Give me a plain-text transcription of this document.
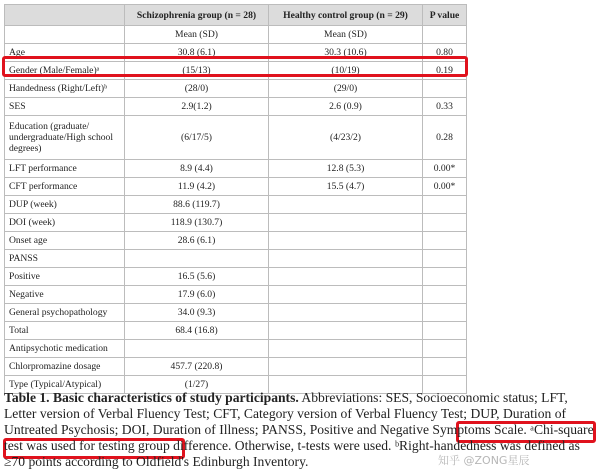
	Schizophrenia group (n = 28)	Healthy control group (n = 29)	P value
	Mean (SD)	Mean (SD)	
Age	30.8 (6.1)	30.3 (10.6)	0.80
Gender (Male/Female)ᵃ	(15/13)	(10/19)	0.19
Handedness (Right/Left)ᵇ	(28/0)	(29/0)	
SES	2.9(1.2)	2.6 (0.9)	0.33
Education (graduate/ undergraduate/High school degrees)	(6/17/5)	(4/23/2)	0.28
LFT performance	8.9 (4.4)	12.8 (5.3)	0.00*
CFT performance	11.9 (4.2)	15.5 (4.7)	0.00*
DUP (week)	88.6 (119.7)		
DOI (week)	118.9 (130.7)		
Onset age	28.6 (6.1)		
PANSS			
Positive	16.5 (5.6)		
Negative	17.9 (6.0)		
General psychopathology	34.0 (9.3)		
Total	68.4 (16.8)		
Antipsychotic medication			
Chlorpromazine dosage	457.7 (220.8)		
Type (Typical/Atypical)	(1/27)		
Table 1. Basic characteristics of study participants. Abbreviations: SES, Socioeconomic status; LFT, Letter version of Verbal Fluency Test; CFT, Category version of Verbal Fluency Test; DUP, Duration of Untreated Psychosis; DOI, Duration of Illness; PANSS, Positive and Negative Symptoms Scale. ᵃChi-square test was used for testing group difference. Otherwise, t-tests were used. ᵇRight-handedness was defined as ≥70 points according to Oldfield's Edinburgh Inventory.	知乎 @ZONG星辰
